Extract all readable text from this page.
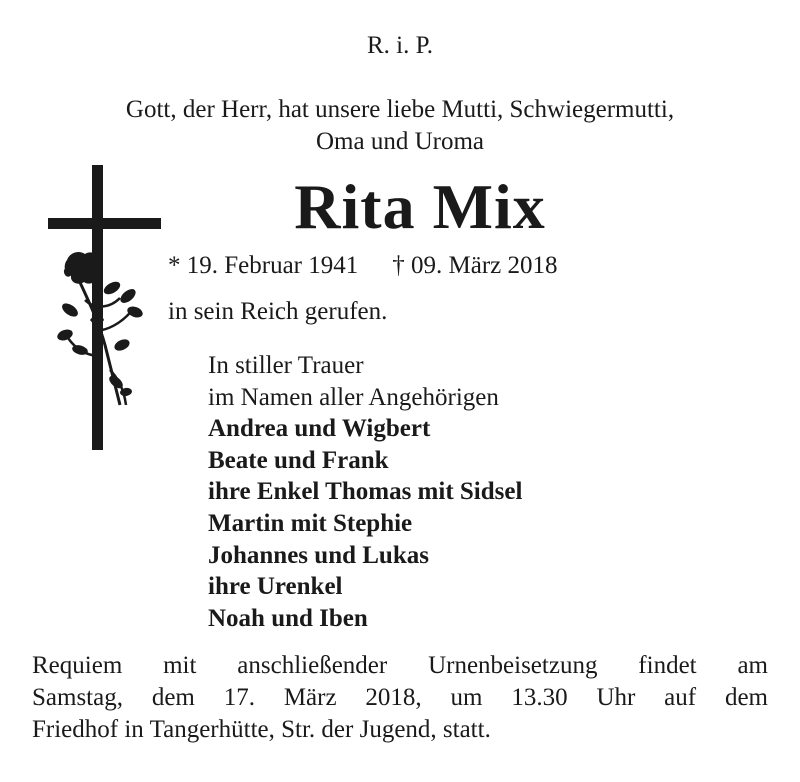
R. i. P.
Gott, der Herr, hat unsere liebe Mutti, Schwiegermutti,
Oma und Uroma
Rita Mix
* 19. Februar 1941 † 09. März 2018
in sein Reich gerufen.
In stiller Trauer
im Namen aller Angehörigen
Andrea und Wigbert
Beate und Frank
ihre Enkel Thomas mit Sidsel
Martin mit Stephie
Johannes und Lukas
ihre Urenkel
Noah und Iben
Requiem mit anschließender Urnenbeisetzung findet am
Samstag, dem 17. März 2018, um 13.30 Uhr auf dem
Friedhof in Tangerhütte, Str. der Jugend, statt.
